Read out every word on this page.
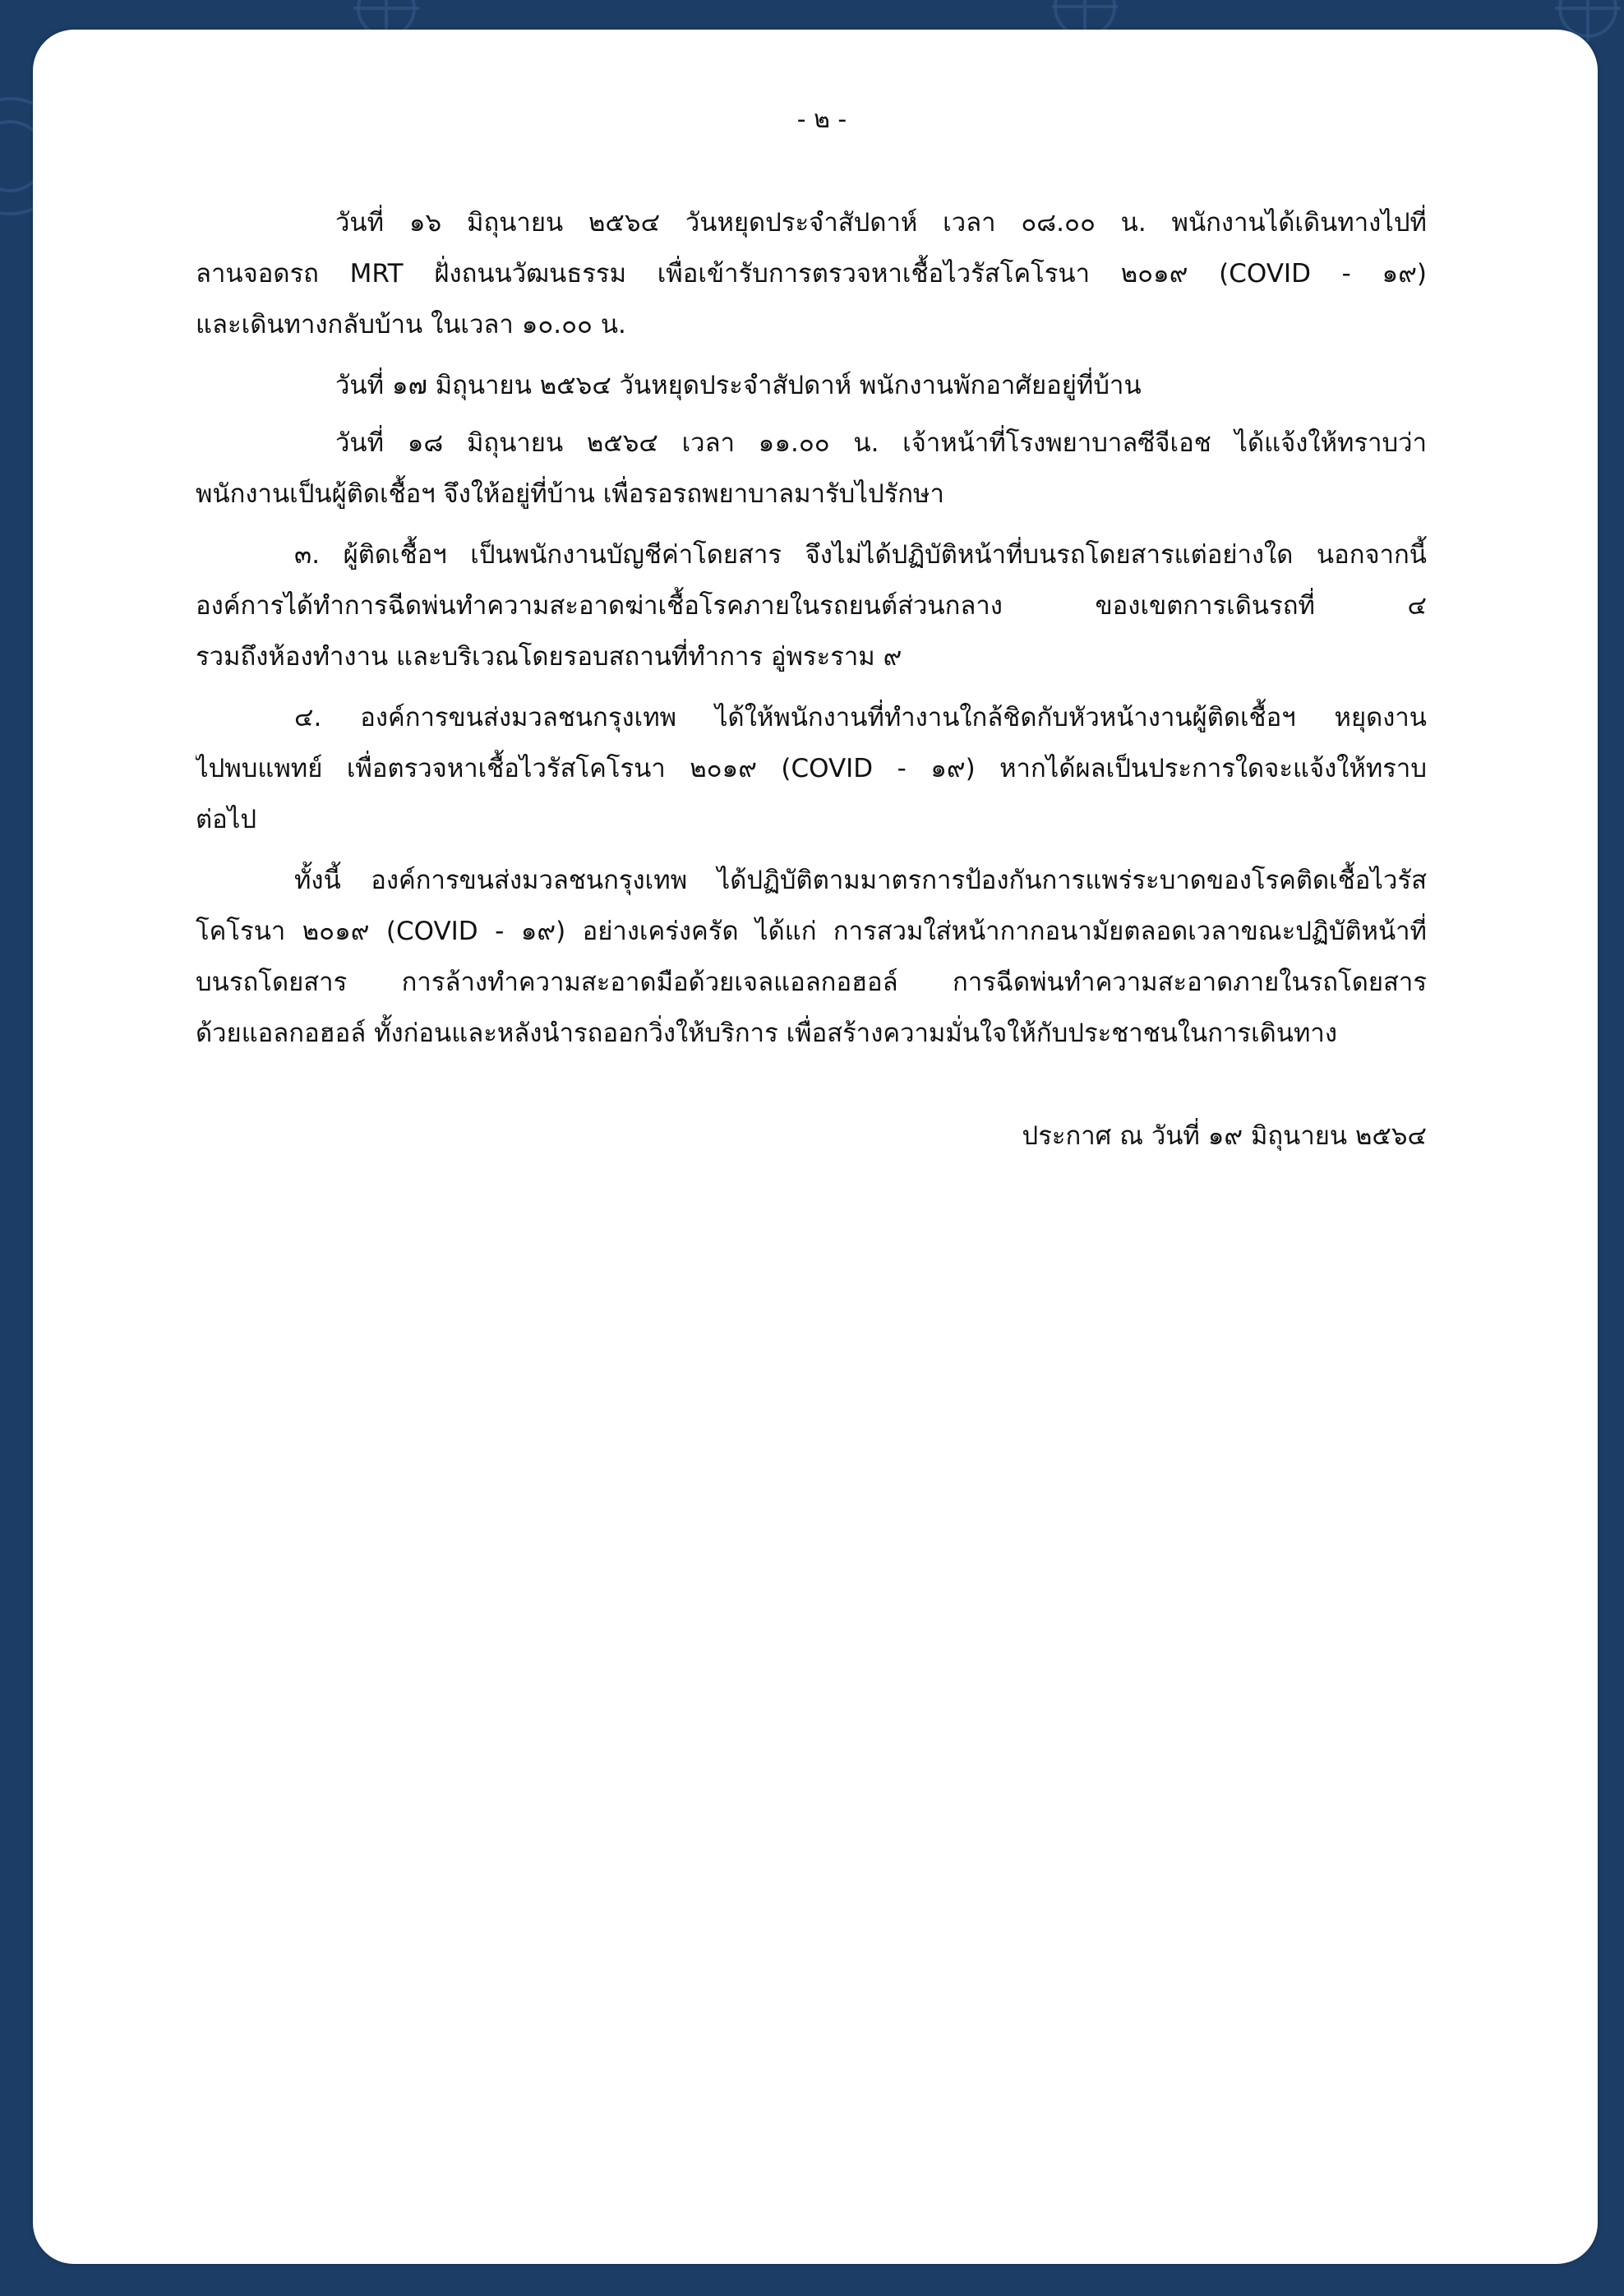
- ๒ -
วันที่ ๑๖ มิถุนายน ๒๕๖๔ วันหยุดประจำสัปดาห์ เวลา ๐๘.๐๐ น. พนักงานได้เดินทางไปที่
ลานจอดรถ MRT ฝั่งถนนวัฒนธรรม เพื่อเข้ารับการตรวจหาเชื้อไวรัสโคโรนา ๒๐๑๙ (COVID - ๑๙)
และเดินทางกลับบ้าน ในเวลา ๑๐.๐๐ น.
วันที่ ๑๗ มิถุนายน ๒๕๖๔ วันหยุดประจำสัปดาห์ พนักงานพักอาศัยอยู่ที่บ้าน
วันที่ ๑๘ มิถุนายน ๒๕๖๔ เวลา ๑๑.๐๐ น. เจ้าหน้าที่โรงพยาบาลซีจีเอช ได้แจ้งให้ทราบว่า
พนักงานเป็นผู้ติดเชื้อฯ จึงให้อยู่ที่บ้าน เพื่อรอรถพยาบาลมารับไปรักษา
๓. ผู้ติดเชื้อฯ เป็นพนักงานบัญชีค่าโดยสาร จึงไม่ได้ปฏิบัติหน้าที่บนรถโดยสารแต่อย่างใด นอกจากนี้
องค์การได้ทำการฉีดพ่นทำความสะอาดฆ่าเชื้อโรคภายในรถยนต์ส่วนกลาง ของเขตการเดินรถที่ ๔
รวมถึงห้องทำงาน และบริเวณโดยรอบสถานที่ทำการ อู่พระราม ๙
๔. องค์การขนส่งมวลชนกรุงเทพ ได้ให้พนักงานที่ทำงานใกล้ชิดกับหัวหน้างานผู้ติดเชื้อฯ หยุดงาน
ไปพบแพทย์ เพื่อตรวจหาเชื้อไวรัสโคโรนา ๒๐๑๙ (COVID - ๑๙) หากได้ผลเป็นประการใดจะแจ้งให้ทราบ
ต่อไป
ทั้งนี้ องค์การขนส่งมวลชนกรุงเทพ ได้ปฏิบัติตามมาตรการป้องกันการแพร่ระบาดของโรคติดเชื้อไวรัส
โคโรนา ๒๐๑๙ (COVID - ๑๙) อย่างเคร่งครัด ได้แก่ การสวมใส่หน้ากากอนามัยตลอดเวลาขณะปฏิบัติหน้าที่
บนรถโดยสาร การล้างทำความสะอาดมือด้วยเจลแอลกอฮอล์ การฉีดพ่นทำความสะอาดภายในรถโดยสาร
ด้วยแอลกอฮอล์ ทั้งก่อนและหลังนำรถออกวิ่งให้บริการ เพื่อสร้างความมั่นใจให้กับประชาชนในการเดินทาง
ประกาศ ณ วันที่ ๑๙ มิถุนายน ๒๕๖๔
